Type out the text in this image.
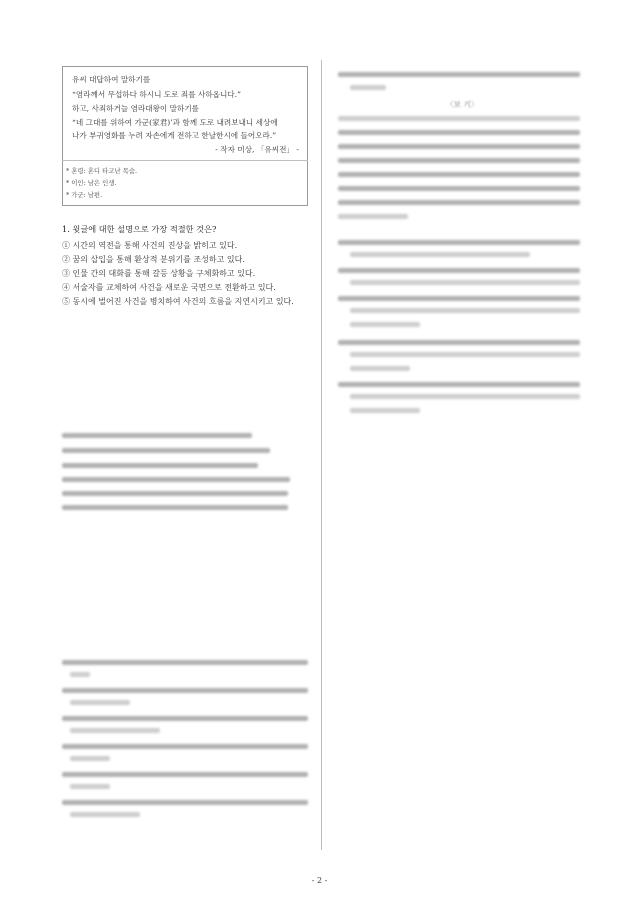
유씨 대답하여 말하기를
“염라께서 무섭하다 하시니 도로 죄를 사하옵니다.”
하고, 사죄하거늘 염라대왕이 말하기를
“네 그대를 위하여 가군(家君)’과 함께 도로 내려보내니 세상에
나가 부귀영화를 누려 자손에게 전하고 한날한시에 들어오라.”
- 작자 미상, 「유씨전」 -
* 혼령: 혼디 타고난 목숨.
* 이인: 남은 인생.
* 가군: 남편.
1. 윗글에 대한 설명으로 가장 적절한 것은?
① 시간의 역전을 통해 사건의 진상을 밝히고 있다.
② 꿈의 삽입을 통해 환상적 분위기를 조성하고 있다.
③ 인물 간의 대화를 통해 갈등 상황을 구체화하고 있다.
④ 서술자를 교체하여 사건을 새로운 국면으로 전환하고 있다.
⑤ 동시에 벌어진 사건을 병치하여 사건의 흐름을 지연시키고 있다.
〈보 기〉
- 2 -
